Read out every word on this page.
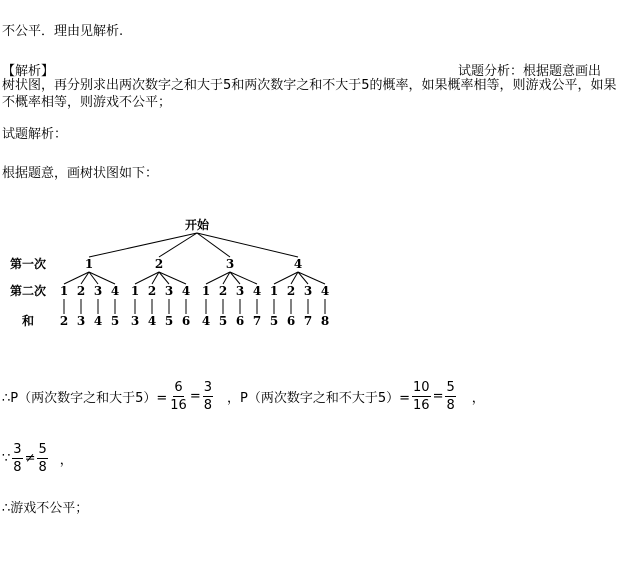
不公平．理由见解析.
【解析】	试题分析：根据题意画出
树状图，再分别求出两次数字之和大于5和两次数字之和不大于5的概率，如果概率相等，则游戏公平，如果不概率相等，则游戏不公平；
试题解析：
根据题意，画树状图如下：
开始
第一次
第二次
和
1
1
2
2
3
3
4
4
5
2
1
3
2
4
3
5
4
6
3
1
4
2
5
3
6
4
7
4
1
5
2
6
3
7
4
8
∴P（两次数字之和大于$5)= \frac{6}{16} = \frac{3}{8}$ ，P（两次数字之和不大于$5)= \frac{10}{16} = \frac{5}{8}$ ，
∵ $\frac{3}{8} \ne \frac{5}{8}$ ，
∴游戏不公平；
